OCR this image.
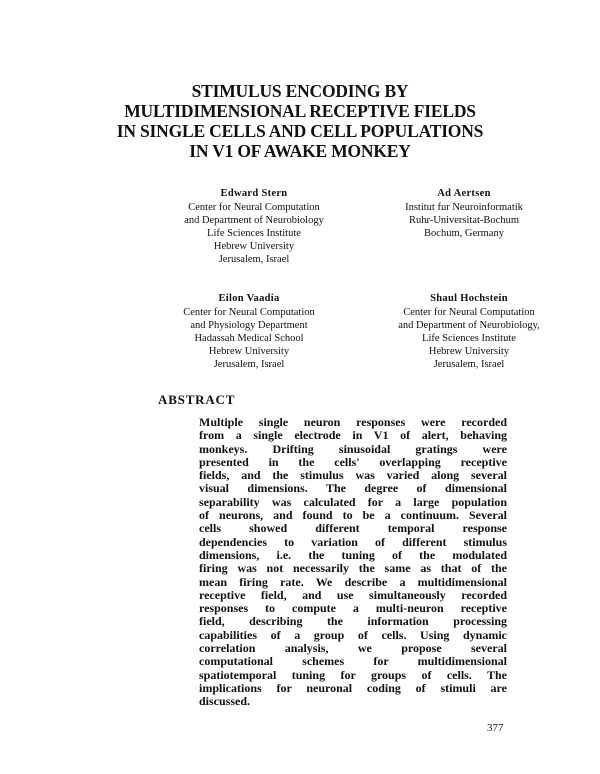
STIMULUS ENCODING BY
MULTIDIMENSIONAL RECEPTIVE FIELDS
IN SINGLE CELLS AND CELL POPULATIONS
IN V1 OF AWAKE MONKEY
Edward Stern
Center for Neural Computation
and Department of Neurobiology
Life Sciences Institute
Hebrew University
Jerusalem, Israel
Ad Aertsen
Institut fur Neuroinformatik
Ruhr-Universitat-Bochum
Bochum, Germany
Eilon Vaadia
Center for Neural Computation
and Physiology Department
Hadassah Medical School
Hebrew University
Jerusalem, Israel
Shaul Hochstein
Center for Neural Computation
and Department of Neurobiology,
Life Sciences Institute
Hebrew University
Jerusalem, Israel
ABSTRACT
Multiple single neuron responses were recorded
from a single electrode in V1 of alert, behaving
monkeys. Drifting sinusoidal gratings were
presented in the cells' overlapping receptive
fields, and the stimulus was varied along several
visual dimensions. The degree of dimensional
separability was calculated for a large population
of neurons, and found to be a continuum. Several
cells showed different temporal response
dependencies to variation of different stimulus
dimensions, i.e. the tuning of the modulated
firing was not necessarily the same as that of the
mean firing rate. We describe a multidimensional
receptive field, and use simultaneously recorded
responses to compute a multi-neuron receptive
field, describing the information processing
capabilities of a group of cells. Using dynamic
correlation analysis, we propose several
computational schemes for multidimensional
spatiotemporal tuning for groups of cells. The
implications for neuronal coding of stimuli are
discussed.
377
